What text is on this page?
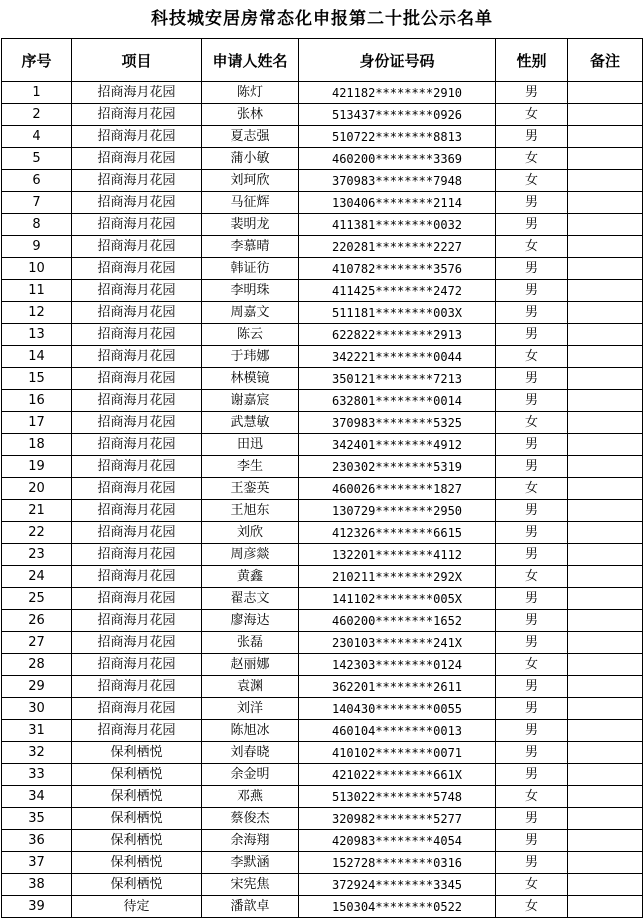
科技城安居房常态化申报第二十批公示名单
序号	项目	申请人姓名	身份证号码	性别	备注
1	招商海月花园	陈灯	421182********2910	男	
2	招商海月花园	张林	513437********0926	女	
4	招商海月花园	夏志强	510722********8813	男	
5	招商海月花园	蒲小敏	460200********3369	女	
6	招商海月花园	刘珂欣	370983********7948	女	
7	招商海月花园	马征辉	130406********2114	男	
8	招商海月花园	裴明龙	411381********0032	男	
9	招商海月花园	李慕晴	220281********2227	女	
10	招商海月花园	韩证彷	410782********3576	男	
11	招商海月花园	李明珠	411425********2472	男	
12	招商海月花园	周嘉文	511181********003X	男	
13	招商海月花园	陈云	622822********2913	男	
14	招商海月花园	于玮娜	342221********0044	女	
15	招商海月花园	林模镜	350121********7213	男	
16	招商海月花园	谢嘉宸	632801********0014	男	
17	招商海月花园	武慧敏	370983********5325	女	
18	招商海月花园	田迅	342401********4912	男	
19	招商海月花园	李生	230302********5319	男	
20	招商海月花园	王銮英	460026********1827	女	
21	招商海月花园	王旭东	130729********2950	男	
22	招商海月花园	刘欣	412326********6615	男	
23	招商海月花园	周彦燚	132201********4112	男	
24	招商海月花园	黄鑫	210211********292X	女	
25	招商海月花园	翟志文	141102********005X	男	
26	招商海月花园	廖海达	460200********1652	男	
27	招商海月花园	张磊	230103********241X	男	
28	招商海月花园	赵丽娜	142303********0124	女	
29	招商海月花园	袁渊	362201********2611	男	
30	招商海月花园	刘洋	140430********0055	男	
31	招商海月花园	陈旭冰	460104********0013	男	
32	保利栖悦	刘春晓	410102********0071	男	
33	保利栖悦	余金明	421022********661X	男	
34	保利栖悦	邓燕	513022********5748	女	
35	保利栖悦	蔡俊杰	320982********5277	男	
36	保利栖悦	余海翔	420983********4054	男	
37	保利栖悦	李默涵	152728********0316	男	
38	保利栖悦	宋宪焦	372924********3345	女	
39	待定	潘歆卓	150304********0522	女	
